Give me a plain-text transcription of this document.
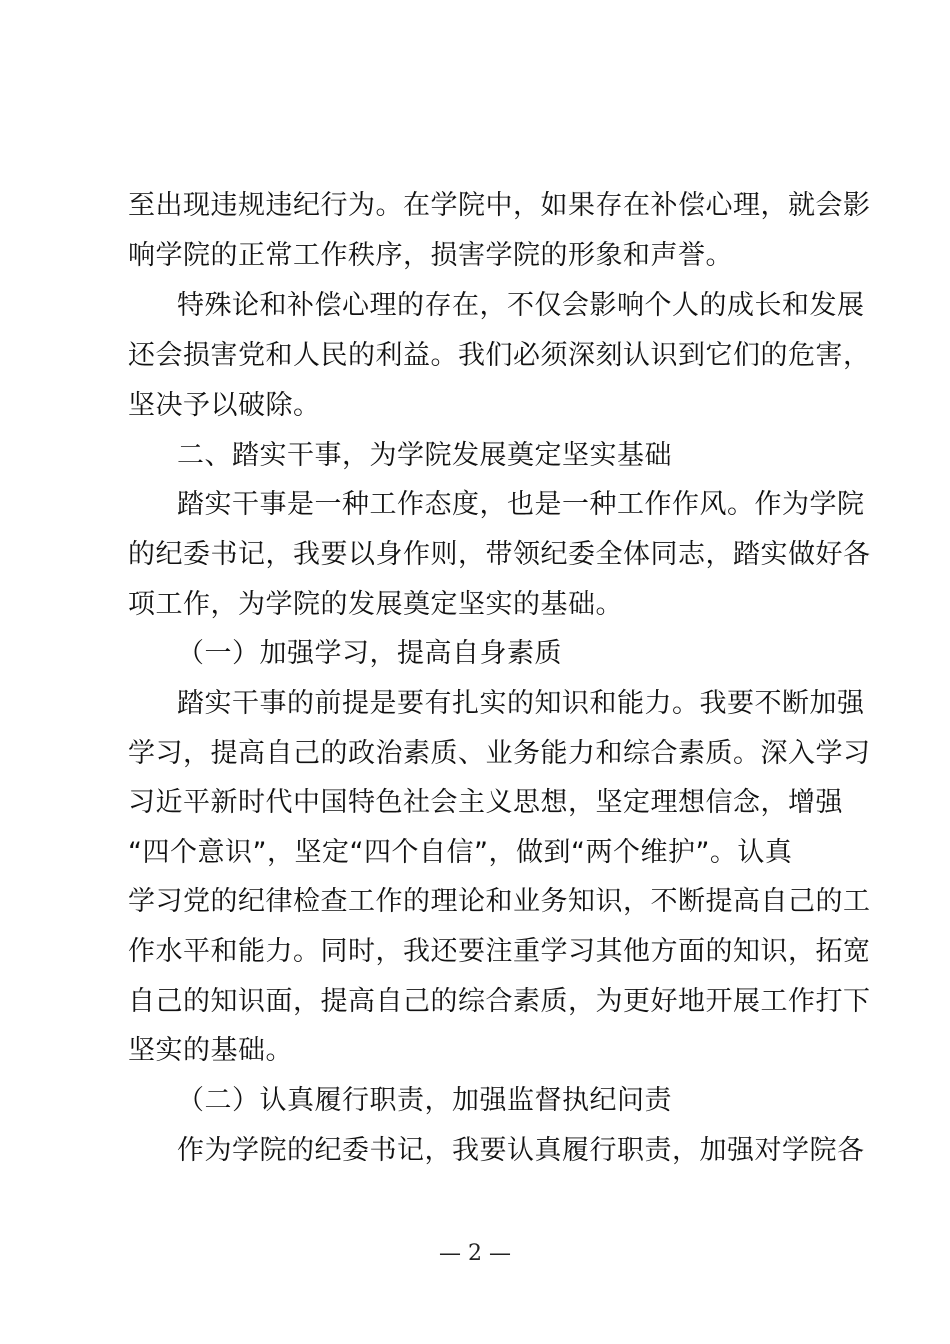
至出现违规违纪行为。在学院中，如果存在补偿心理，就会影
响学院的正常工作秩序，损害学院的形象和声誉。
特殊论和补偿心理的存在，不仅会影响个人的成长和发展
还会损害党和人民的利益。我们必须深刻认识到它们的危害，
坚决予以破除。
二、踏实干事，为学院发展奠定坚实基础
踏实干事是一种工作态度，也是一种工作作风。作为学院
的纪委书记，我要以身作则，带领纪委全体同志，踏实做好各
项工作，为学院的发展奠定坚实的基础。
（一）加强学习，提高自身素质
踏实干事的前提是要有扎实的知识和能力。我要不断加强
学习，提高自己的政治素质、业务能力和综合素质。深入学习
习近平新时代中国特色社会主义思想，坚定理想信念，增强
“四个意识”，坚定“四个自信”，做到“两个维护”。认真
学习党的纪律检查工作的理论和业务知识，不断提高自己的工
作水平和能力。同时，我还要注重学习其他方面的知识，拓宽
自己的知识面，提高自己的综合素质，为更好地开展工作打下
坚实的基础。
（二）认真履行职责，加强监督执纪问责
作为学院的纪委书记，我要认真履行职责，加强对学院各
— 2 —
